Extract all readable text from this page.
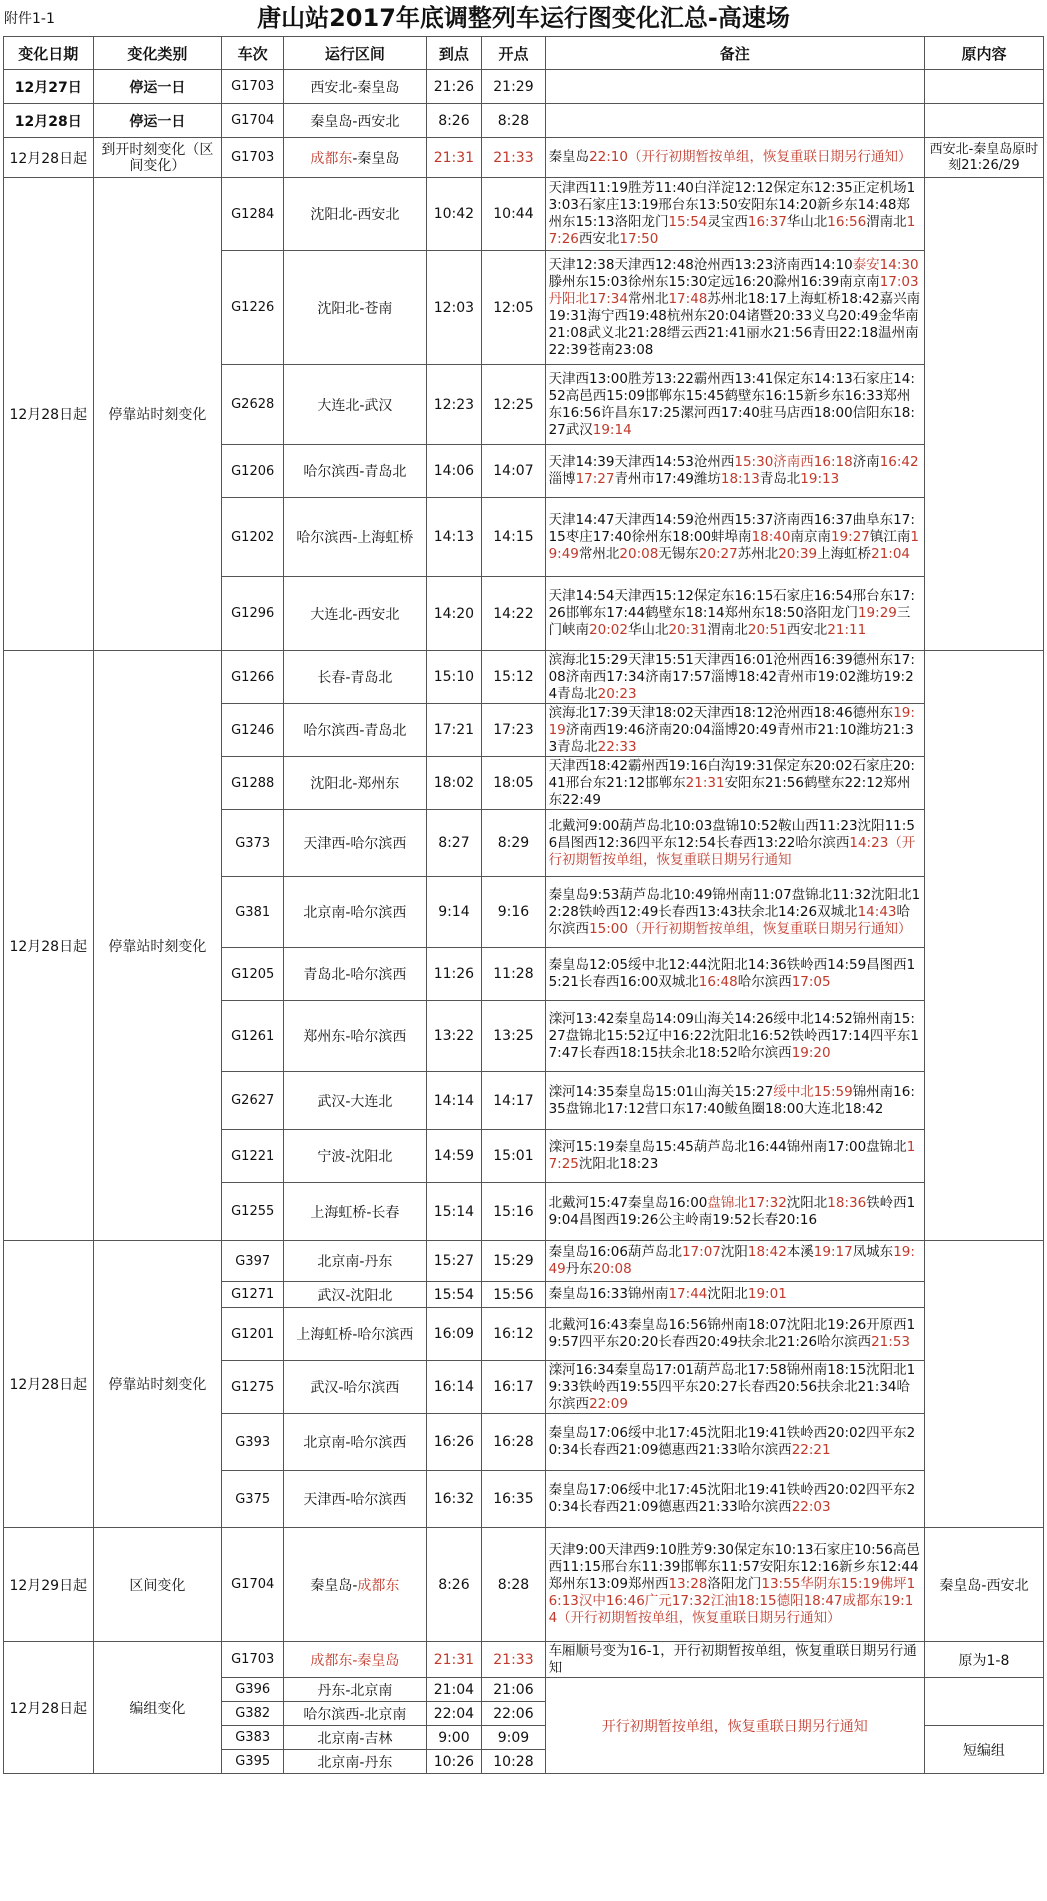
附件1-1	唐山站2017年底调整列车运行图变化汇总-高速场
变化日期	变化类别	车次	运行区间	到点	开点	备注	原内容
12月27日	停运一日	G1703	西安北-秦皇岛	21:26	21:29		
12月28日	停运一日	G1704	秦皇岛-西安北	8:26	8:28		
12月28日起	到开时刻变化（区间变化）	G1703	成都东-秦皇岛	21:31	21:33	秦皇岛22:10（开行初期暂按单组，恢复重联日期另行通知）	西安北-秦皇岛原时刻21:26/29
12月28日起	停靠站时刻变化	G1284	沈阳北-西安北	10:42	10:44	天津西11:19胜芳11:40白洋淀12:12保定东12:35正定机场13:03石家庄13:19邢台东13:50安阳东14:20新乡东14:48郑州东15:13洛阳龙门15:54灵宝西16:37华山北16:56渭南北17:26西安北17:50	
		G1226	沈阳北-苍南	12:03	12:05	天津12:38天津西12:48沧州西13:23济南西14:10泰安14:30滕州东15:03徐州东15:30定远16:20滁州16:39南京南17:03丹阳北17:34常州北17:48苏州北18:17上海虹桥18:42嘉兴南19:31海宁西19:48杭州东20:04诸暨20:33义乌20:49金华南21:08武义北21:28缙云西21:41丽水21:56青田22:18温州南22:39苍南23:08	
		G2628	大连北-武汉	12:23	12:25	天津西13:00胜芳13:22霸州西13:41保定东14:13石家庄14:52高邑西15:09邯郸东15:45鹤壁东16:15新乡东16:33郑州东16:56许昌东17:25漯河西17:40驻马店西18:00信阳东18:27武汉19:14	
		G1206	哈尔滨西-青岛北	14:06	14:07	天津14:39天津西14:53沧州西15:30济南西16:18济南16:42淄博17:27青州市17:49潍坊18:13青岛北19:13	
		G1202	哈尔滨西-上海虹桥	14:13	14:15	天津14:47天津西14:59沧州西15:37济南西16:37曲阜东17:15枣庄17:40徐州东18:00蚌埠南18:40南京南19:27镇江南19:49常州北20:08无锡东20:27苏州北20:39上海虹桥21:04	
		G1296	大连北-西安北	14:20	14:22	天津14:54天津西15:12保定东16:15石家庄16:54邢台东17:26邯郸东17:44鹤壁东18:14郑州东18:50洛阳龙门19:29三门峡南20:02华山北20:31渭南北20:51西安北21:11	
12月28日起	停靠站时刻变化	G1266	长春-青岛北	15:10	15:12	滨海北15:29天津15:51天津西16:01沧州西16:39德州东17:08济南西17:34济南17:57淄博18:42青州市19:02潍坊19:24青岛北20:23	
		G1246	哈尔滨西-青岛北	17:21	17:23	滨海北17:39天津18:02天津西18:12沧州西18:46德州东19:19济南西19:46济南20:04淄博20:49青州市21:10潍坊21:33青岛北22:33	
		G1288	沈阳北-郑州东	18:02	18:05	天津西18:42霸州西19:16白沟19:31保定东20:02石家庄20:41邢台东21:12邯郸东21:31安阳东21:56鹤壁东22:12郑州东22:49	
		G373	天津西-哈尔滨西	8:27	8:29	北戴河9:00葫芦岛北10:03盘锦10:52鞍山西11:23沈阳11:56昌图西12:36四平东12:54长春西13:22哈尔滨西14:23（开行初期暂按单组，恢复重联日期另行通知	
		G381	北京南-哈尔滨西	9:14	9:16	秦皇岛9:53葫芦岛北10:49锦州南11:07盘锦北11:32沈阳北12:28铁岭西12:49长春西13:43扶余北14:26双城北14:43哈尔滨西15:00（开行初期暂按单组，恢复重联日期另行通知）	
		G1205	青岛北-哈尔滨西	11:26	11:28	秦皇岛12:05绥中北12:44沈阳北14:36铁岭西14:59昌图西15:21长春西16:00双城北16:48哈尔滨西17:05	
		G1261	郑州东-哈尔滨西	13:22	13:25	滦河13:42秦皇岛14:09山海关14:26绥中北14:52锦州南15:27盘锦北15:52辽中16:22沈阳北16:52铁岭西17:14四平东17:47长春西18:15扶余北18:52哈尔滨西19:20	
		G2627	武汉-大连北	14:14	14:17	滦河14:35秦皇岛15:01山海关15:27绥中北15:59锦州南16:35盘锦北17:12营口东17:40鲅鱼圈18:00大连北18:42	
		G1221	宁波-沈阳北	14:59	15:01	滦河15:19秦皇岛15:45葫芦岛北16:44锦州南17:00盘锦北17:25沈阳北18:23	
		G1255	上海虹桥-长春	15:14	15:16	北戴河15:47秦皇岛16:00盘锦北17:32沈阳北18:36铁岭西19:04昌图西19:26公主岭南19:52长春20:16	
12月28日起	停靠站时刻变化	G397	北京南-丹东	15:27	15:29	秦皇岛16:06葫芦岛北17:07沈阳18:42本溪19:17凤城东19:49丹东20:08	
		G1271	武汉-沈阳北	15:54	15:56	秦皇岛16:33锦州南17:44沈阳北19:01	
		G1201	上海虹桥-哈尔滨西	16:09	16:12	北戴河16:43秦皇岛16:56锦州南18:07沈阳北19:26开原西19:57四平东20:20长春西20:49扶余北21:26哈尔滨西21:53	
		G1275	武汉-哈尔滨西	16:14	16:17	滦河16:34秦皇岛17:01葫芦岛北17:58锦州南18:15沈阳北19:33铁岭西19:55四平东20:27长春西20:56扶余北21:34哈尔滨西22:09	
		G393	北京南-哈尔滨西	16:26	16:28	秦皇岛17:06绥中北17:45沈阳北19:41铁岭西20:02四平东20:34长春西21:09德惠西21:33哈尔滨西22:21	
		G375	天津西-哈尔滨西	16:32	16:35	秦皇岛17:06绥中北17:45沈阳北19:41铁岭西20:02四平东20:34长春西21:09德惠西21:33哈尔滨西22:03	
12月29日起	区间变化	G1704	秦皇岛-成都东	8:26	8:28	天津9:00天津西9:10胜芳9:30保定东10:13石家庄10:56高邑西11:15邢台东11:39邯郸东11:57安阳东12:16新乡东12:44郑州东13:09郑州西13:28洛阳龙门13:55华阴东15:19佛坪16:13汉中16:46广元17:32江油18:15德阳18:47成都东19:14（开行初期暂按单组，恢复重联日期另行通知）	秦皇岛-西安北
12月28日起	编组变化	G1703	成都东-秦皇岛	21:31	21:33	车厢顺号变为16-1，开行初期暂按单组，恢复重联日期另行通知	原为1-8
		G396	丹东-北京南	21:04	21:06	开行初期暂按单组，恢复重联日期另行通知	
		G382	哈尔滨西-北京南	22:04	22:06		
		G383	北京南-吉林	9:00	9:09		短编组
		G395	北京南-丹东	10:26	10:28		
